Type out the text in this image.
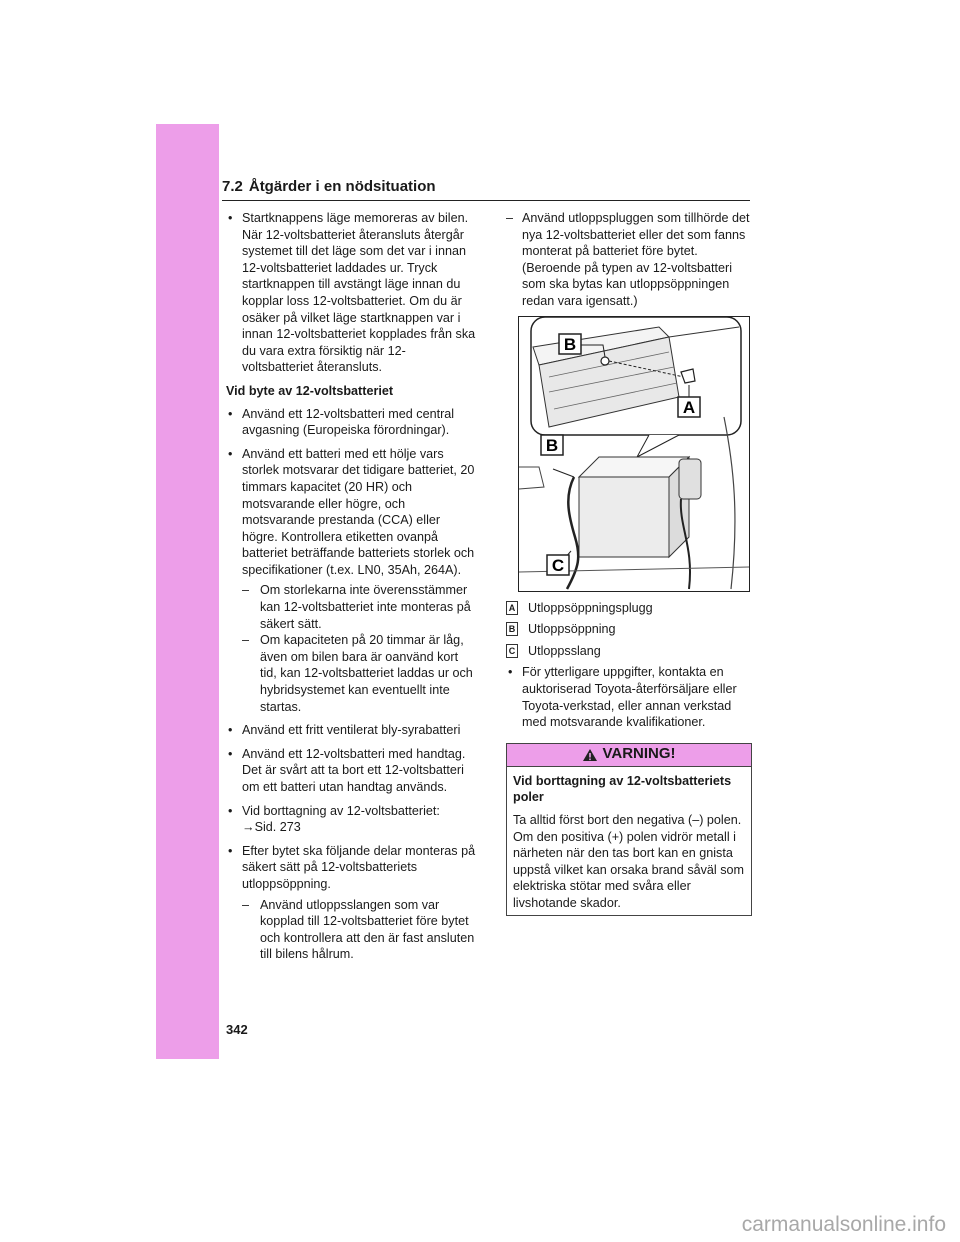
7.2 Åtgärder i en nödsituation
• Startknappens läge memoreras av bilen. När 12-voltsbatteriet återansluts återgår systemet till det läge som det var i innan 12-voltsbatteriet laddades ur. Tryck startknappen till avstängt läge innan du kopplar loss 12-voltsbatteriet. Om du är osäker på vilket läge startknappen var i innan 12-voltsbatteriet kopplades från ska du vara extra försiktig när 12-voltsbatteriet återansluts.
Vid byte av 12-voltsbatteriet
• Använd ett 12-voltsbatteri med central avgasning (Europeiska förordningar).
• Använd ett batteri med ett hölje vars storlek motsvarar det tidigare batteriet, 20 timmars kapacitet (20 HR) och motsvarande eller högre, och motsvarande prestanda (CCA) eller högre. Kontrollera etiketten ovanpå batteriet beträffande batteriets storlek och specifikationer (t.ex. LN0, 35Ah, 264A).
– Om storlekarna inte överensstämmer kan 12-voltsbatteriet inte monteras på säkert sätt.
– Om kapaciteten på 20 timmar är låg, även om bilen bara är oanvänd kort tid, kan 12-voltsbatteriet laddas ur och hybridsystemet kan eventuellt inte startas.
• Använd ett fritt ventilerat bly-syrabatteri
• Använd ett 12-voltsbatteri med handtag. Det är svårt att ta bort ett 12-voltsbatteri om ett batteri utan handtag används.
• Vid borttagning av 12-voltsbatteriet:
→Sid. 273
• Efter bytet ska följande delar monteras på säkert sätt på 12-voltsbatteriets utloppsöppning.
– Använd utloppsslangen som var kopplad till 12-voltsbatteriet före bytet och kontrollera att den är fast ansluten till bilens hålrum.
– Använd utloppspluggen som tillhörde det nya 12-voltsbatteriet eller det som fanns monterat på batteriet före bytet. (Beroende på typen av 12-voltsbatteri som ska bytas kan utloppsöppningen redan vara igensatt.)
B
A
B
C
A Utloppsöppningsplugg
B Utloppsöppning
C Utloppsslang
• För ytterligare uppgifter, kontakta en auktoriserad Toyota-återförsäljare eller Toyota-verkstad, eller annan verkstad med motsvarande kvalifikationer.
VARNING!
Vid borttagning av 12-voltsbatteriets poler
Ta alltid först bort den negativa (–) polen. Om den positiva (+) polen vidrör metall i närheten när den tas bort kan en gnista uppstå vilket kan orsaka brand såväl som elektriska stötar med svåra eller livshotande skador.
342
carmanualsonline.info
